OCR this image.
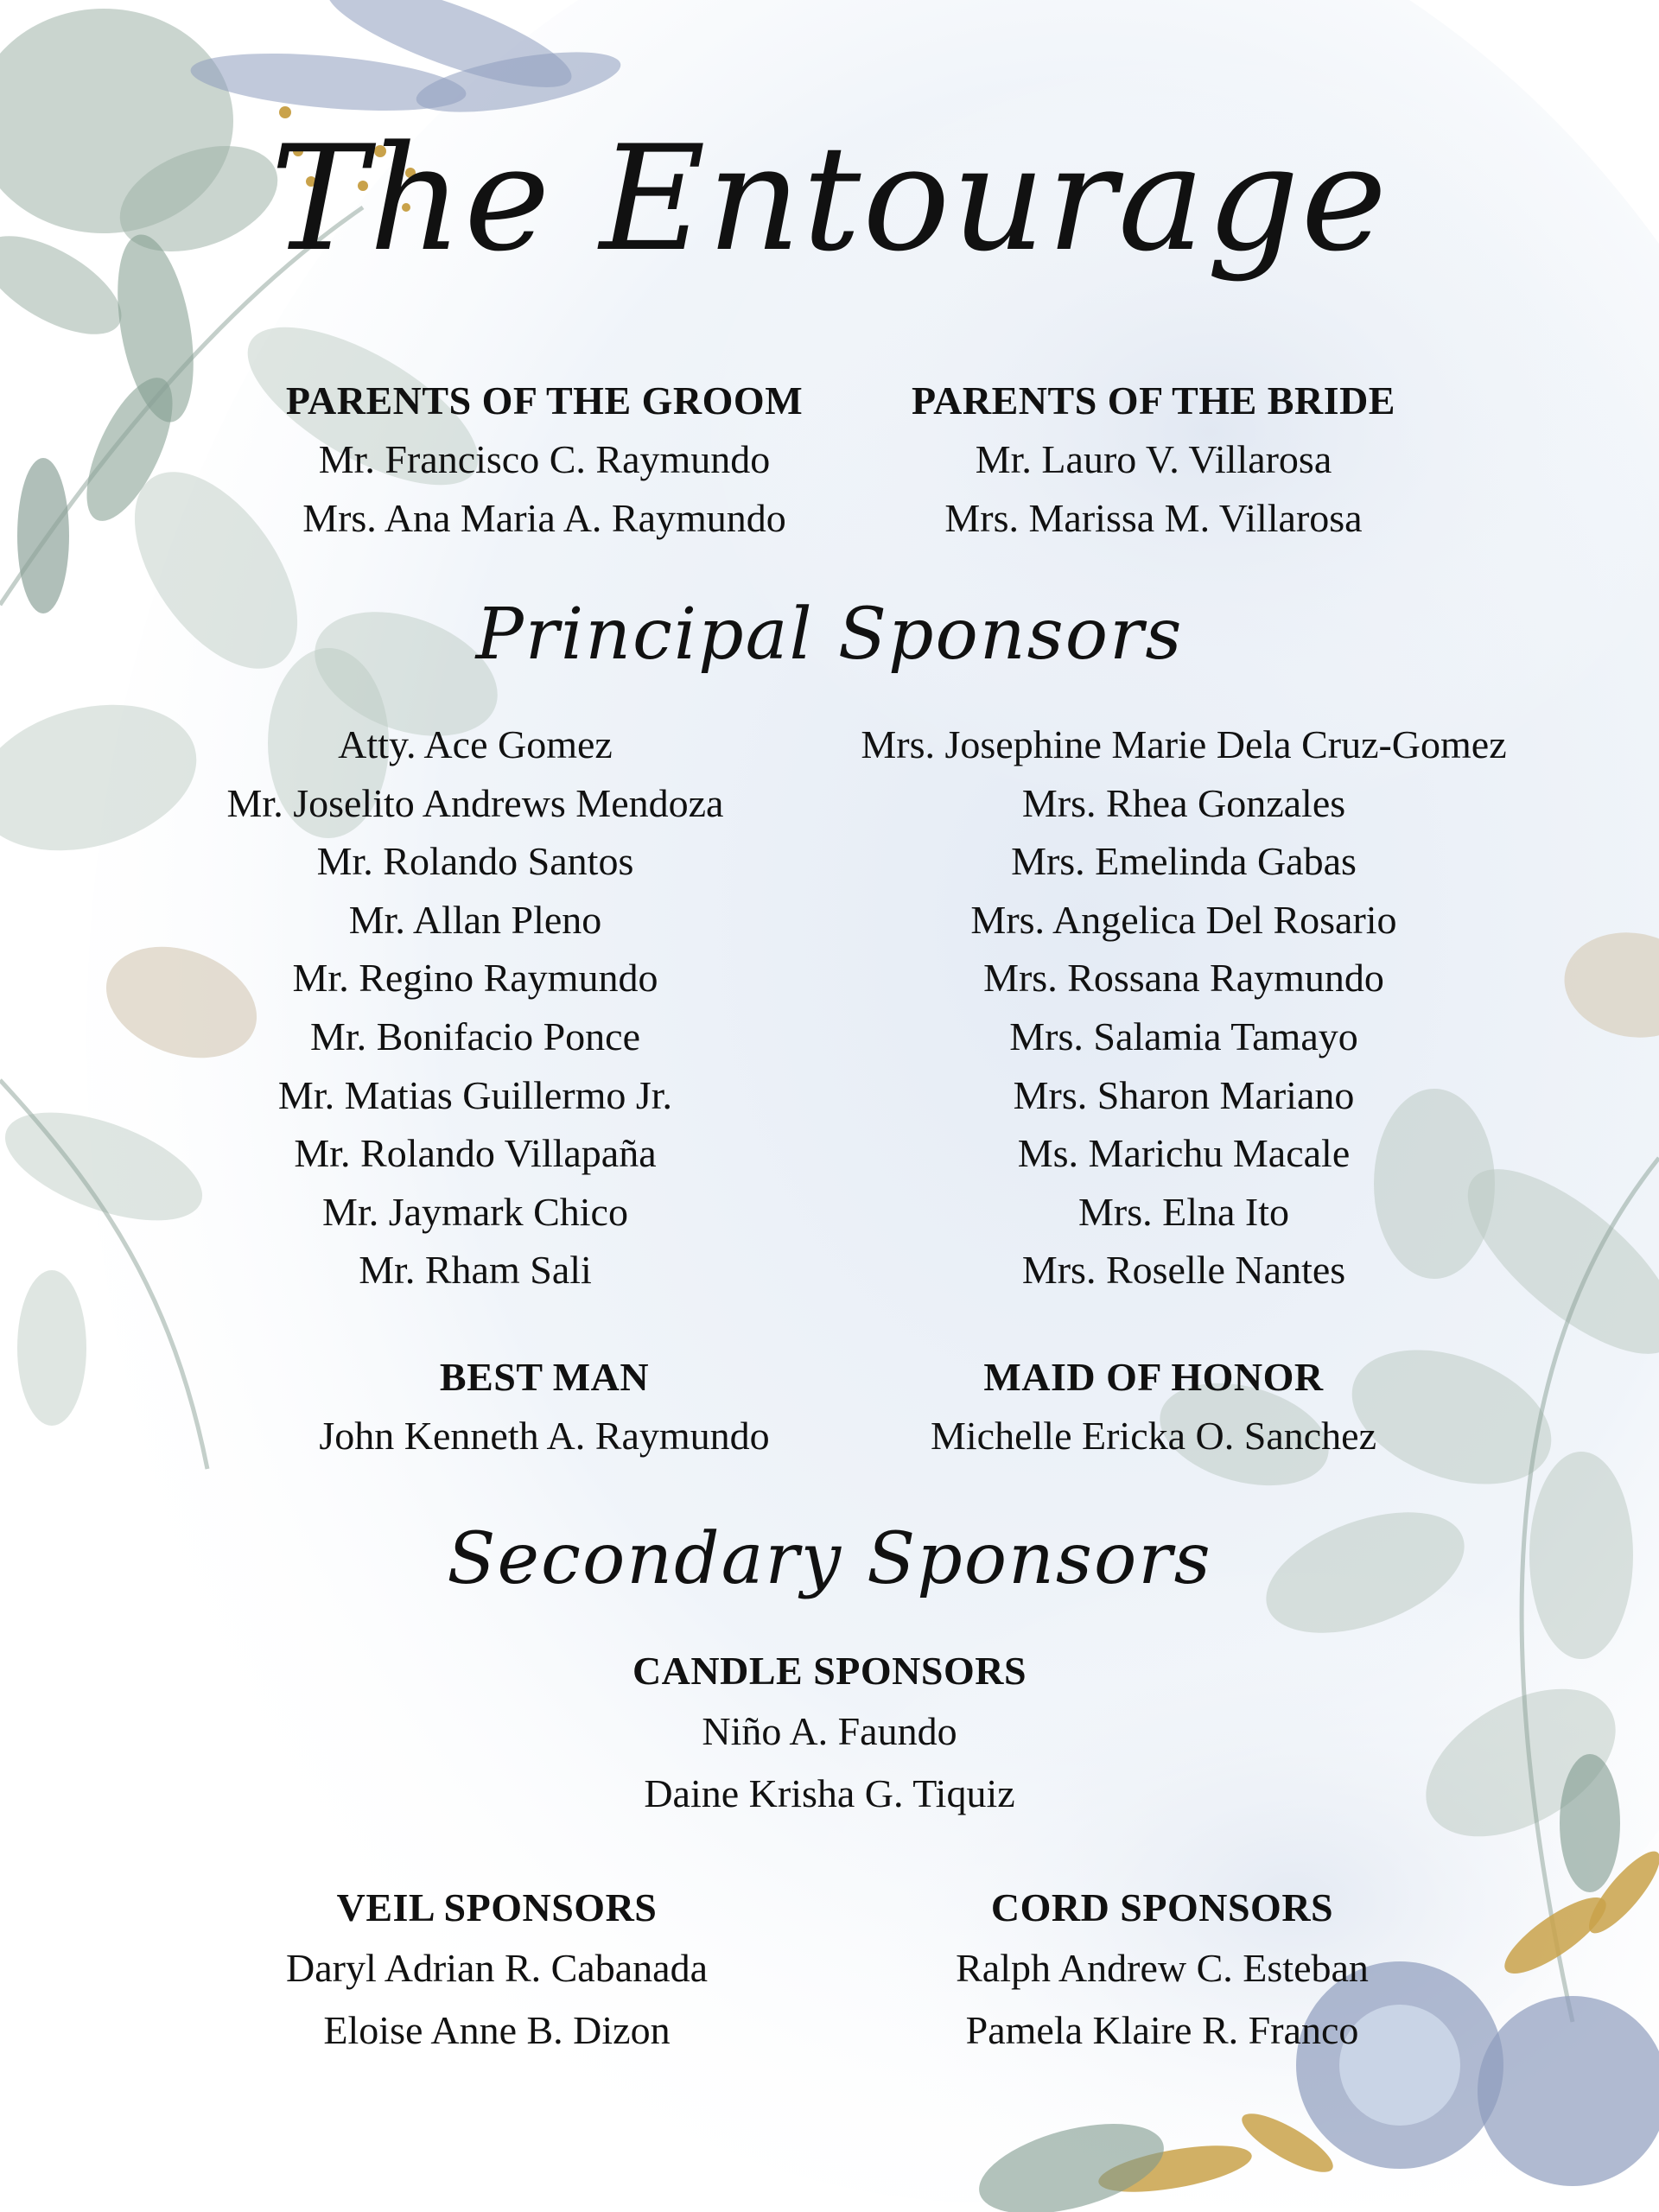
The Entourage
PARENTS OF THE GROOM
Mr. Francisco C. Raymundo
Mrs. Ana Maria A. Raymundo
PARENTS OF THE BRIDE
Mr. Lauro V. Villarosa
Mrs. Marissa M. Villarosa
Principal Sponsors
Atty. Ace Gomez
Mr. Joselito Andrews Mendoza
Mr. Rolando Santos
Mr. Allan Pleno
Mr. Regino Raymundo
Mr. Bonifacio Ponce
Mr. Matias Guillermo Jr.
Mr. Rolando Villapaña
Mr. Jaymark Chico
Mr. Rham Sali
Mrs. Josephine Marie Dela Cruz-Gomez
Mrs. Rhea Gonzales
Mrs. Emelinda Gabas
Mrs. Angelica Del Rosario
Mrs. Rossana Raymundo
Mrs. Salamia Tamayo
Mrs. Sharon Mariano
Ms. Marichu Macale
Mrs. Elna Ito
Mrs. Roselle Nantes
BEST MAN
John Kenneth A. Raymundo
MAID OF HONOR
Michelle Ericka O. Sanchez
Secondary Sponsors
CANDLE SPONSORS
Niño A. Faundo
Daine Krisha G. Tiquiz
VEIL SPONSORS
Daryl Adrian R. Cabanada
Eloise Anne B. Dizon
CORD SPONSORS
Ralph Andrew C. Esteban
Pamela Klaire R. Franco
